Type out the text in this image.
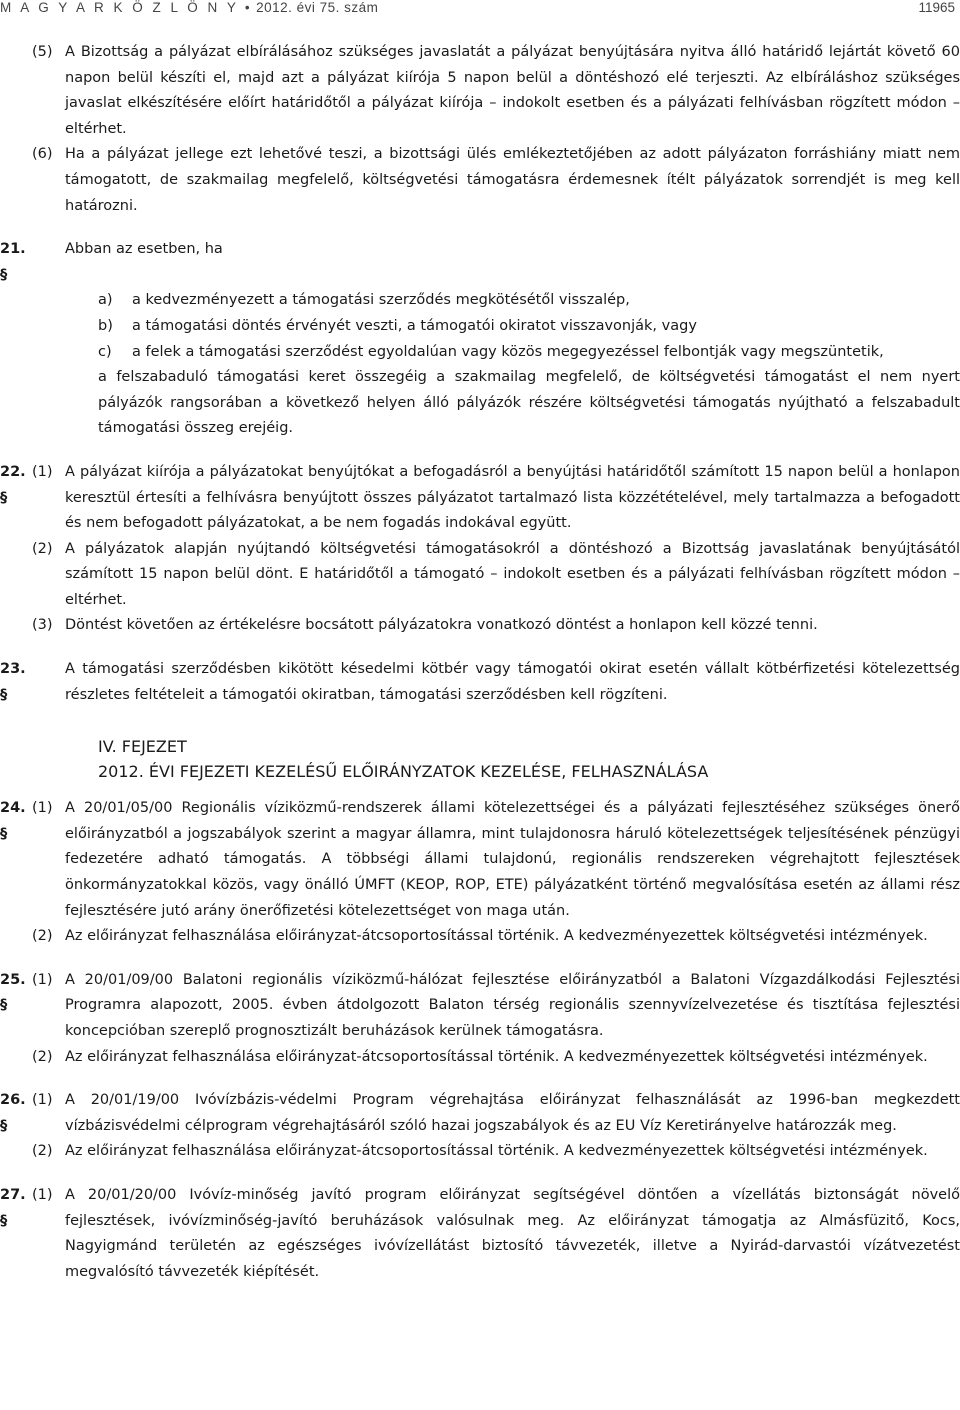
M A G Y A R K Ö Z L Ö N Y • 2012. évi 75. szám	11965
(5) A Bizottság a pályázat elbírálásához szükséges javaslatát a pályázat benyújtására nyitva álló határidő lejártát követő 60 napon belül készíti el, majd azt a pályázat kiírója 5 napon belül a döntéshozó elé terjeszti. Az elbíráláshoz szükséges javaslat elkészítésére előírt határidőtől a pályázat kiírója – indokolt esetben és a pályázati felhívásban rögzített módon – eltérhet.
(6) Ha a pályázat jellege ezt lehetővé teszi, a bizottsági ülés emlékeztetőjében az adott pályázaton forráshiány miatt nem támogatott, de szakmailag megfelelő, költségvetési támogatásra érdemesnek ítélt pályázatok sorrendjét is meg kell határozni.
21. §
Abban az esetben, ha
a)	a kedvezményezett a támogatási szerződés megkötésétől visszalép,
b)	a támogatási döntés érvényét veszti, a támogatói okiratot visszavonják, vagy
c)	a felek a támogatási szerződést egyoldalúan vagy közös megegyezéssel felbontják vagy megszüntetik,
a felszabaduló támogatási keret összegéig a szakmailag megfelelő, de költségvetési támogatást el nem nyert pályázók rangsorában a következő helyen álló pályázók részére költségvetési támogatás nyújtható a felszabadult támogatási összeg erejéig.
22. §
(1) A pályázat kiírója a pályázatokat benyújtókat a befogadásról a benyújtási határidőtől számított 15 napon belül a honlapon keresztül értesíti a felhívásra benyújtott összes pályázatot tartalmazó lista közzétételével, mely tartalmazza a befogadott és nem befogadott pályázatokat, a be nem fogadás indokával együtt.
(2) A pályázatok alapján nyújtandó költségvetési támogatásokról a döntéshozó a Bizottság javaslatának benyújtásától számított 15 napon belül dönt. E határidőtől a támogató – indokolt esetben és a pályázati felhívásban rögzített módon – eltérhet.
(3) Döntést követően az értékelésre bocsátott pályázatokra vonatkozó döntést a honlapon kell közzé tenni.
23. §
A támogatási szerződésben kikötött késedelmi kötbér vagy támogatói okirat esetén vállalt kötbérfizetési kötelezettség részletes feltételeit a támogatói okiratban, támogatási szerződésben kell rögzíteni.
IV. FEJEZET
2012. ÉVI FEJEZETI KEZELÉSŰ ELŐIRÁNYZATOK KEZELÉSE, FELHASZNÁLÁSA
24. §
(1) A 20/01/05/00 Regionális víziközmű-rendszerek állami kötelezettségei és a pályázati fejlesztéséhez szükséges önerő előirányzatból a jogszabályok szerint a magyar államra, mint tulajdonosra háruló kötelezettségek teljesítésének pénzügyi fedezetére adható támogatás. A többségi állami tulajdonú, regionális rendszereken végrehajtott fejlesztések önkormányzatokkal közös, vagy önálló ÚMFT (KEOP, ROP, ETE) pályázatként történő megvalósítása esetén az állami rész fejlesztésére jutó arány önerőfizetési kötelezettséget von maga után.
(2) Az előirányzat felhasználása előirányzat-átcsoportosítással történik. A kedvezményezettek költségvetési intézmények.
25. §
(1) A 20/01/09/00 Balatoni regionális víziközmű-hálózat fejlesztése előirányzatból a Balatoni Vízgazdálkodási Fejlesztési Programra alapozott, 2005. évben átdolgozott Balaton térség regionális szennyvízelvezetése és tisztítása fejlesztési koncepcióban szereplő prognosztizált beruházások kerülnek támogatásra.
(2) Az előirányzat felhasználása előirányzat-átcsoportosítással történik. A kedvezményezettek költségvetési intézmények.
26. §
(1) A 20/01/19/00 Ivóvízbázis-védelmi Program végrehajtása előirányzat felhasználását az 1996-ban megkezdett vízbázisvédelmi célprogram végrehajtásáról szóló hazai jogszabályok és az EU Víz Keretirányelve határozzák meg.
(2) Az előirányzat felhasználása előirányzat-átcsoportosítással történik. A kedvezményezettek költségvetési intézmények.
27. §
(1) A 20/01/20/00 Ivóvíz-minőség javító program előirányzat segítségével döntően a vízellátás biztonságát növelő fejlesztések, ivóvízminőség-javító beruházások valósulnak meg. Az előirányzat támogatja az Almásfüzitő, Kocs, Nagyigmánd területén az egészséges ivóvízellátást biztosító távvezeték, illetve a Nyirád-darvastói vízátvezetést megvalósító távvezeték kiépítését.
